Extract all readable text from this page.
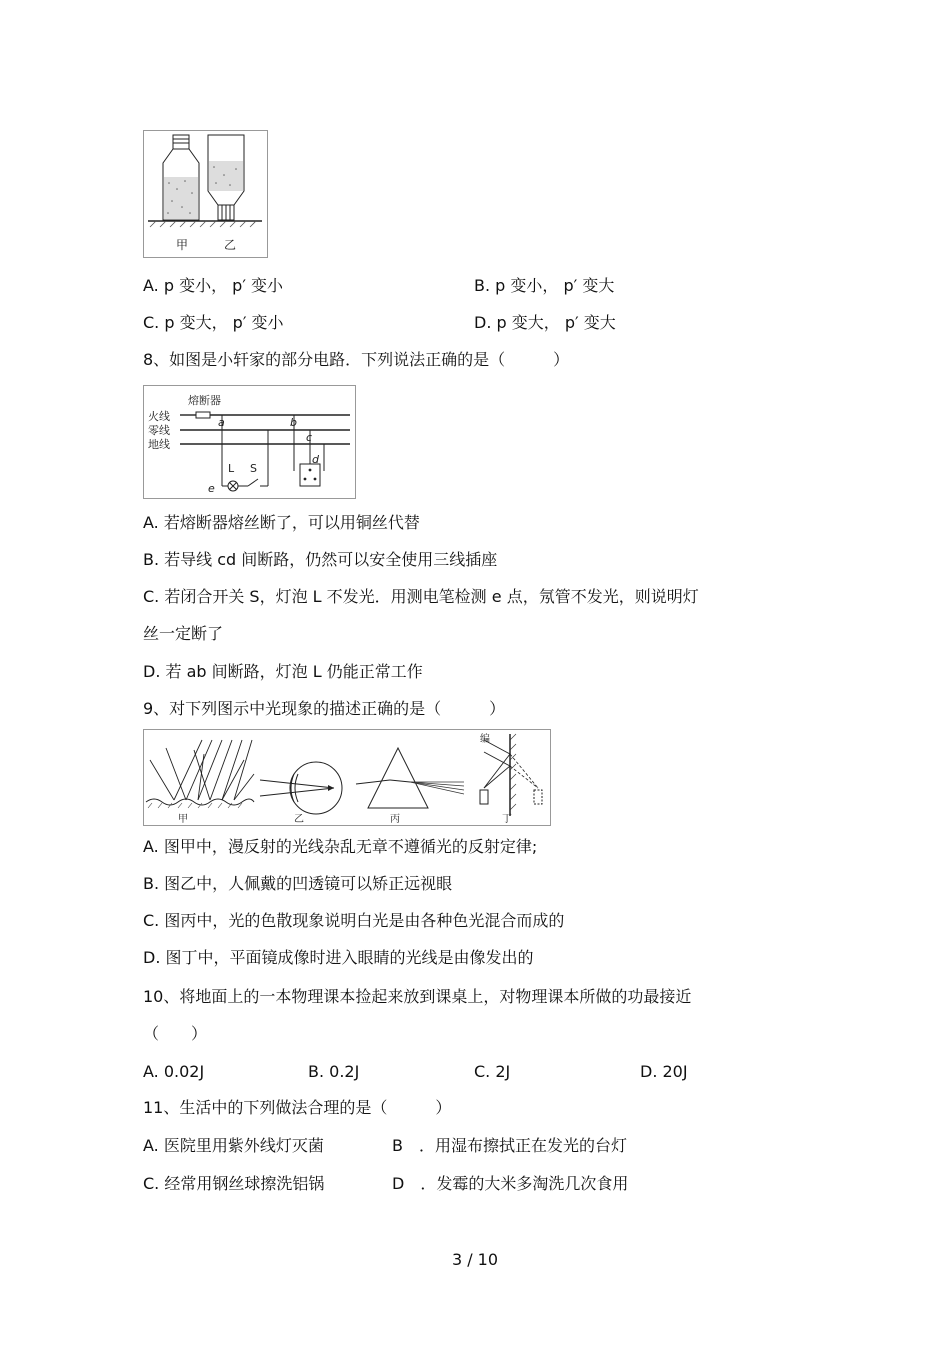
甲	乙
A. p 变小， p′ 变小	B. p 变小， p′ 变大
C. p 变大， p′ 变小	D. p 变大， p′ 变大
8、如图是小轩家的部分电路．下列说法正确的是（　　　）
熔断器
火线
零线
地线
a	b
c
L S
e
d
A. 若熔断器熔丝断了，可以用铜丝代替
B. 若导线 cd 间断路，仍然可以安全使用三线插座
C. 若闭合开关 S，灯泡 L 不发光．用测电笔检测 e 点，氖管不发光，则说明灯
丝一定断了
D. 若 ab 间断路，灯泡 L 仍能正常工作
9、对下列图示中光现象的描述正确的是（　　　）
甲	乙	丙
编
丁
A. 图甲中，漫反射的光线杂乱无章不遵循光的反射定律;
B. 图乙中，人佩戴的凹透镜可以矫正远视眼
C. 图丙中，光的色散现象说明白光是由各种色光混合而成的
D. 图丁中，平面镜成像时进入眼睛的光线是由像发出的
10、将地面上的一本物理课本捡起来放到课桌上，对物理课本所做的功最接近
（　　）
A. 0.02J	B. 0.2J	C. 2J	D. 20J
11、生活中的下列做法合理的是（　　　）
A. 医院里用紫外线灯灭菌	B　．用湿布擦拭正在发光的台灯
C. 经常用钢丝球擦洗铝锅	D　．发霉的大米多淘洗几次食用
3 / 10
